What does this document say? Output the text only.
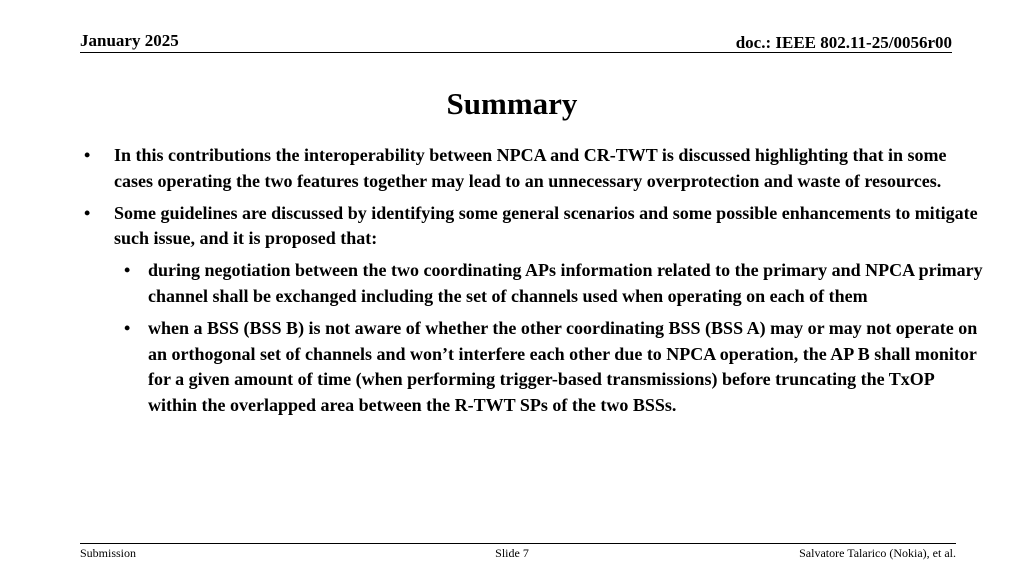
January 2025	doc.: IEEE 802.11-25/0056r00
Summary
•	In this contributions the interoperability between NPCA and CR-TWT is discussed highlighting that in some cases operating the two features together may lead to an unnecessary overprotection and waste of resources.
•	Some guidelines are discussed by identifying some general scenarios and some possible enhancements to mitigate such issue, and it is proposed that:
• during negotiation between the two coordinating APs information related to the primary and NPCA primary channel shall be exchanged including the set of channels used when operating on each of them
• when a BSS (BSS B) is not aware of whether the other coordinating BSS (BSS A) may or may not operate on an orthogonal set of channels and won’t interfere each other due to NPCA operation, the AP B shall monitor for a given amount of time (when performing trigger-based transmissions) before truncating the TxOP within the overlapped area between the R-TWT SPs of the two BSSs.
Submission	Slide 7	Salvatore Talarico (Nokia), et al.
